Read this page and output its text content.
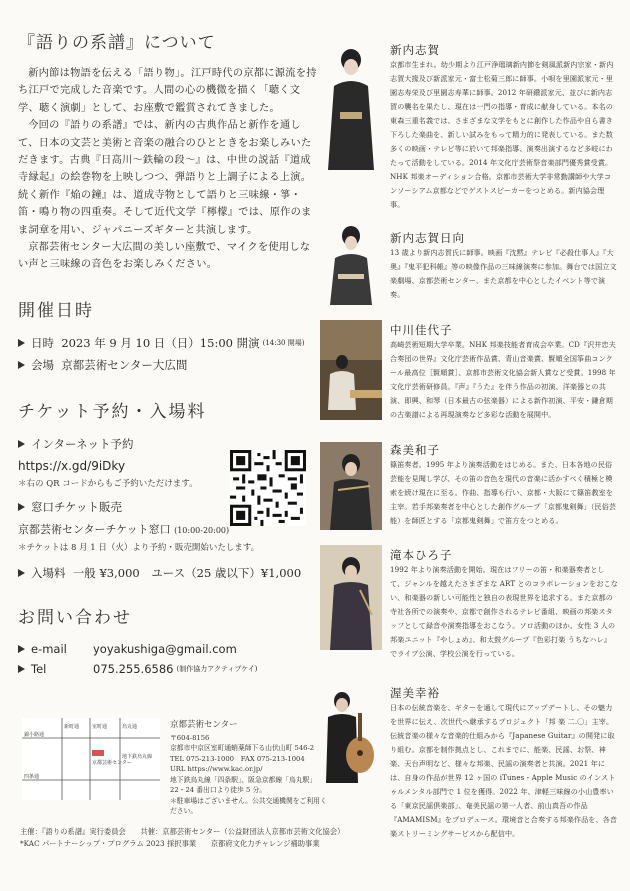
『語りの系譜』について

新内節は物語を伝える「語り物」。江戸時代の京都に源流を持ち江戸で完成した音楽です。人間の心の機微を描く「聴く文学、聴く演劇」として、お座敷で鑑賞されてきました。

今回の『語りの系譜』では、新内の古典作品と新作を通して、日本の文芸と美術と音楽の融合のひとときをお楽しみいただきます。古典『日高川〜鉄輪の段〜』は、中世の説話『道成寺縁起』の絵巻物を上映しつつ、弾語りと上調子による上演。続く新作『焔の鐘』は、道成寺物として語りと三味線・箏・笛・鳴り物の四重奏。そして近代文学『檸檬』では、原作のまま詞章を用い、ジャパニーズギターと共演します。

京都芸術センター大広間の美しい座敷で、マイクを使用しない声と三味線の音色をお楽しみください。

開催日時
日時
2023 年 9 月 10 日（日）15:00 開演 (14:30 開場)
会場
京都芸術センター大広間
チケット予約・入場料
インターネット予約
https://x.gd/9iDky
＊右の QR コードからもご予約いただけます。
窓口チケット販売
京都芸術センターチケット窓口 (10:00-20:00)
＊チケットは 8 月 1 日（火）より予約・販売開始いたします。
入場料
一般 ¥3,000　ユース（25 歳以下）¥1,000
お問い合わせ
e-mail	yoyakushiga@gmail.com
Tel	075.255.6586 (制作協力アクティブケイ)
錦小路通
四条通
烏丸通
室町通
新町通
京都芸術センター
地下鉄烏丸線
京都芸術センター
〒604-8156
京都市中京区室町通蛸薬師下る山伏山町 546-2
TEL 075-213-1000　FAX 075-213-1004
URL https://www.kac.or.jp/
地下鉄烏丸線「四条駅」、阪急京都線「烏丸駅」
22・24 番出口より徒歩 5 分。
＊駐車場はございません。公共交通機関をご利用ください。
主催：『語りの系譜』実行委員会　　共催：京都芸術センター（公益財団法人京都市芸術文化協会）
*KAC パートナーシップ・プログラム 2023 採択事業　　京都府文化力チャレンジ補助事業
新内志賀
京都市生まれ。幼少期より江戸浄瑠璃新内節を剣風派新内宗家・新内志賀大掾及び新派家元・富士松菊三郎に師事。小唄を里園派家元・里園志寿栄及び里園志寿華に師事。2012 年研鑚派家元、並びに新内志賀の襲名を果たし、現在は一門の指導・育成に献身している。本名の東森三重名義では、さまざまな文学をもとに創作した作品や自ら書き下ろした楽曲を、新しい試みをもって精力的に発表している。また数多くの映画・テレビ等に於いて邦楽指導、演奏出演するなど多岐にわたって活動をしている。2014 年文化庁芸術祭音楽部門優秀賞受賞。NHK 邦楽オーディション合格。京都市芸術大学非常勤講師や大学コンソーシアム京都などでゲストスピーカーをつとめる。新内協会理事。
新内志賀日向
13 歳より新内志賀氏に師事。映画『沈黙』テレビ『必殺仕事人』『大奥』『鬼平犯科帳』等の映像作品の三味線演奏に参加。舞台では国立文楽劇場、京都芸術センター、また京都を中心としたイベント等で演奏。
中川佳代子
高崎芸術短期大学卒業。NHK 邦楽技能者育成会卒業。CD『沢井忠夫合奏団の世界』文化庁芸術作品賞、青山音楽賞、賢順全国筝曲コンクール最高位［賢順賞］、京都市芸術文化協会新人賞など受賞。1998 年文化庁芸術研修員。『声』『うた』を伴う作品の初演、洋楽器との共演、即興、和琴（日本最古の弦楽器）による新作初演、平安・鎌倉期の古楽譜による再現演奏など多彩な活動を展開中。
森美和子
篠笛奏者。1995 年より演奏活動をはじめる。また、日本各地の民俗芸能を見聞し学び、その笛の音色を現代の音楽に活かすべく積極と模索を続け現在に至る。作曲、指導も行い、京都・大阪にて篠笛教室を主宰。若手邦楽奏者を中心とした創作グループ「京都鬼剣舞」（民俗芸能）を師匠とする「京都鬼剣舞」で笛方をつとめる。
滝本ひろ子
1992 年より演奏活動を開始。現在はフリーの笛・和楽器奏者として、ジャンルを越えたさまざまな ART とのコラボレーションをおこない、和楽器の新しい可能性と独自の表現世界を追求する。また京都の寺社各所での演奏や、京都で創作されるテレビ番組、映画の邦楽スタッフとして録音や演奏指導をおこなう。ソロ活動のほか、女性 3 人の邦楽ユニット『やしょめ』、和太鼓グループ『色彩打楽 うちなハレ』でライブ公演、学校公演を行っている。
渥美幸裕
日本の伝統音楽を、ギターを通して現代にアップデートし、その魅力を世界に伝え、次世代へ継承するプロジェクト「邦 楽 二.〇」主宰。伝統音楽の様々な音楽的仕組みから『Japanese Guitar』の開発に取り組む。京都を制作拠点とし、これまでに、能楽、民謡、お祭、神楽、天台声明など、様々な邦楽、民謡の演奏者と共演。2021 年には、自身の作品が世界 12 ヶ国の iTunes・Apple Music のインストゥルメンタル部門で 1 位を獲得。2022 年、津軽三味線の小山豊率いる「東京民謡倶楽部」、奄美民謡の第一人者、前山真吾の作品『AMAMISM』をプロデュース。環境音と合奏する邦楽作品を、各音楽ストリーミングサービスから配信中。
